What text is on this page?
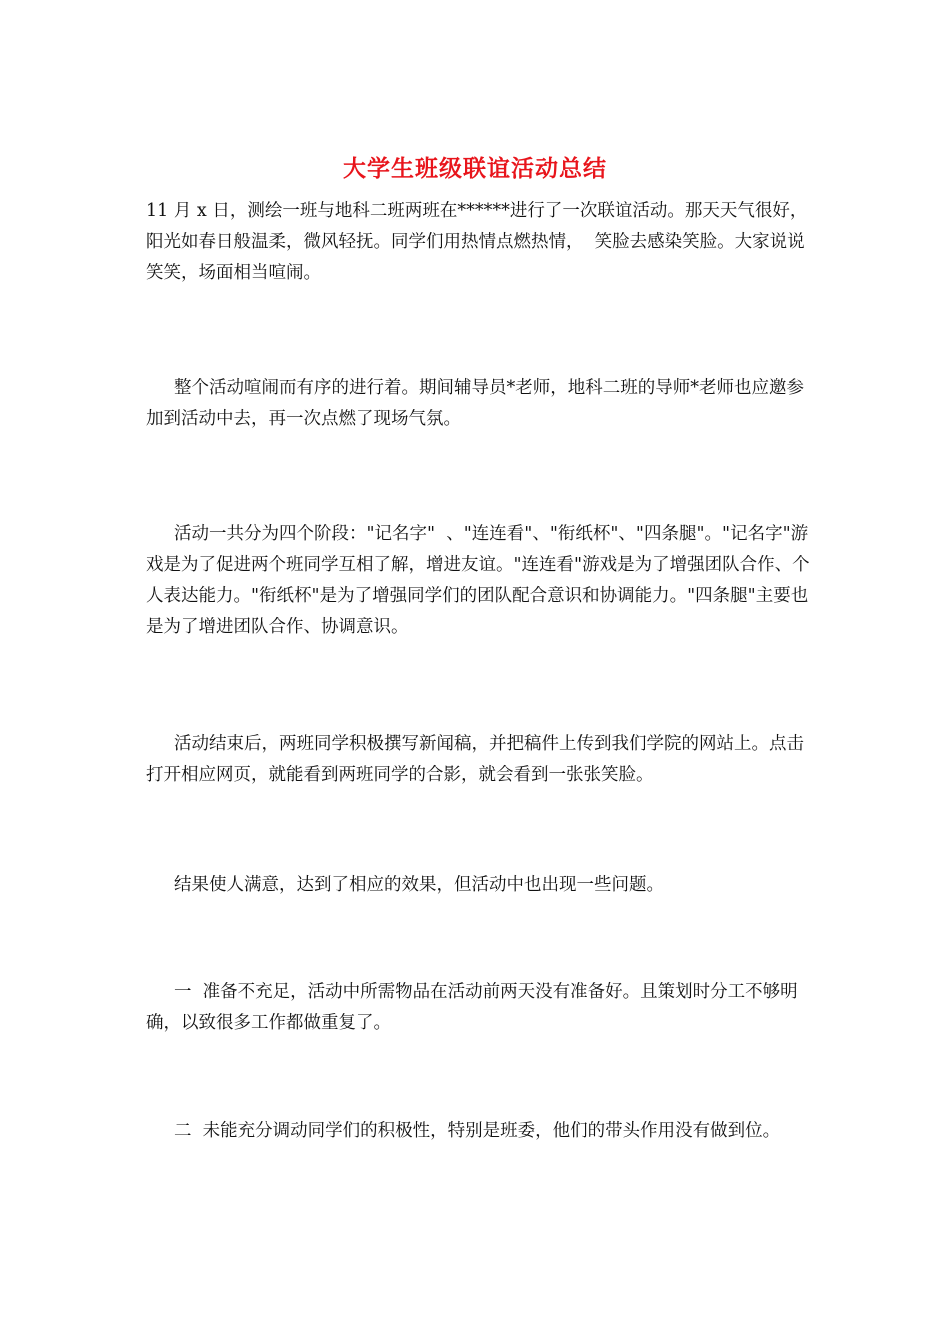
大学生班级联谊活动总结

11 月 x 日，测绘一班与地科二班两班在******进行了一次联谊活动。那天天气很好，阳光如春日般温柔，微风轻抚。同学们用热情点燃热情，  笑脸去感染笑脸。大家说说笑笑，场面相当喧闹。

整个活动喧闹而有序的进行着。期间辅导员*老师，地科二班的导师*老师也应邀参加到活动中去，再一次点燃了现场气氛。

活动一共分为四个阶段："记名字"  、"连连看"、"衔纸杯"、"四条腿"。"记名字"游戏是为了促进两个班同学互相了解，增进友谊。"连连看"游戏是为了增强团队合作、个人表达能力。"衔纸杯"是为了增强同学们的团队配合意识和协调能力。"四条腿"主要也是为了增进团队合作、协调意识。

活动结束后，两班同学积极撰写新闻稿，并把稿件上传到我们学院的网站上。点击打开相应网页，就能看到两班同学的合影，就会看到一张张笑脸。

结果使人满意，达到了相应的效果，但活动中也出现一些问题。

一  准备不充足，活动中所需物品在活动前两天没有准备好。且策划时分工不够明确，以致很多工作都做重复了。

二  未能充分调动同学们的积极性，特别是班委，他们的带头作用没有做到位。
